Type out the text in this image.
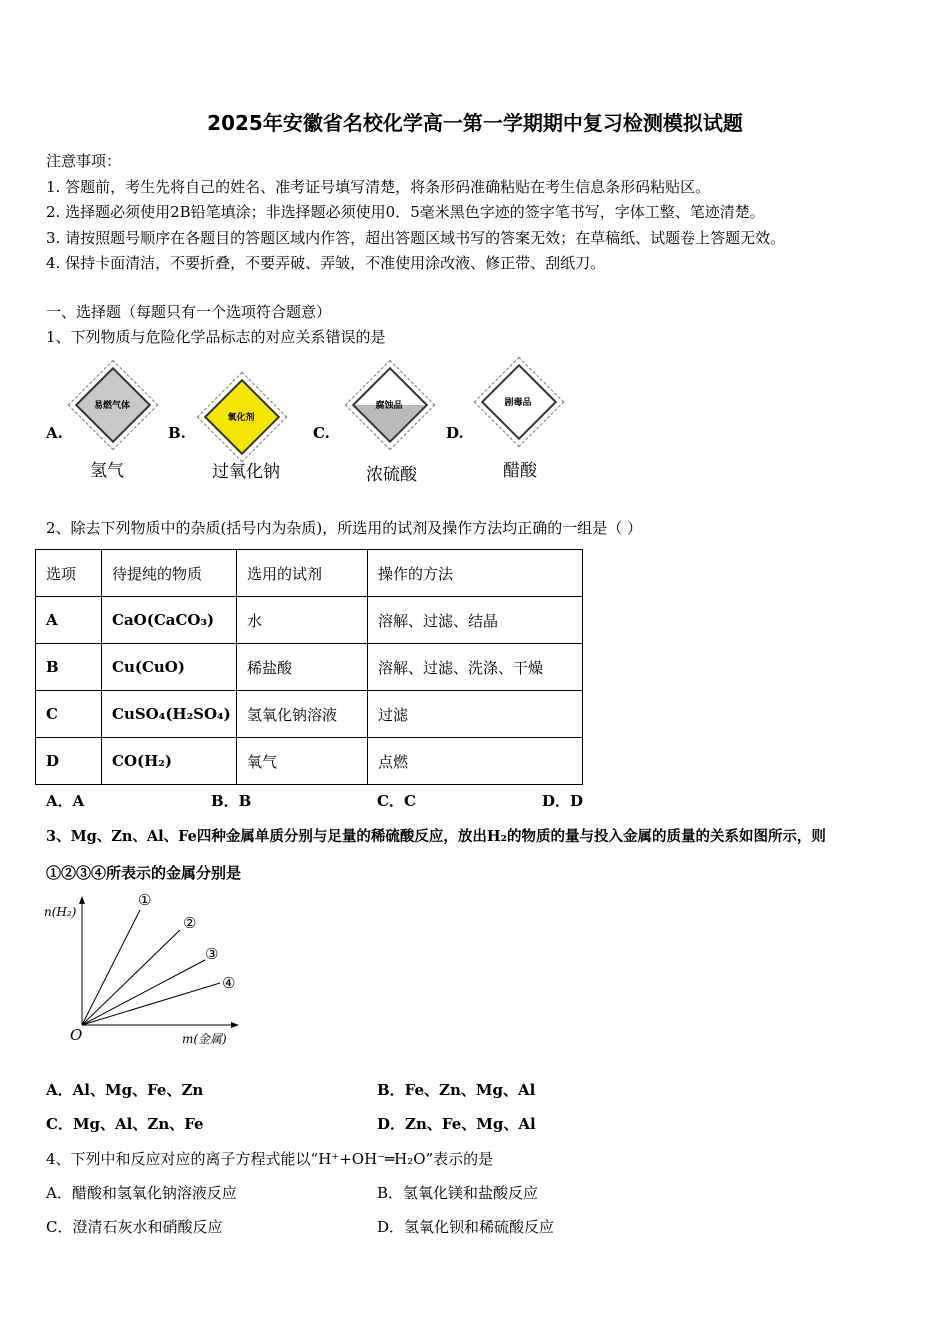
2025年安徽省名校化学高一第一学期期中复习检测模拟试题
注意事项：
1. 答题前，考生先将自己的姓名、准考证号填写清楚，将条形码准确粘贴在考生信息条形码粘贴区。
2. 选择题必须使用2B铅笔填涂；非选择题必须使用0．5毫米黑色字迹的签字笔书写，字体工整、笔迹清楚。
3. 请按照题号顺序在各题目的答题区域内作答，超出答题区域书写的答案无效；在草稿纸、试题卷上答题无效。
4. 保持卡面清洁，不要折叠，不要弄破、弄皱，不准使用涂改液、修正带、刮纸刀。
一、选择题（每题只有一个选项符合题意）
1、下列物质与危险化学品标志的对应关系错误的是
A.
易燃气体
氢气
B.
氧化剂
过氧化钠
C.
腐蚀品
浓硫酸
D.
剧毒品
醋酸
2、除去下列物质中的杂质(括号内为杂质)，所选用的试剂及操作方法均正确的一组是（ ）
选项	待提纯的物质	选用的试剂	操作的方法
A	CaO(CaCO₃)	水	溶解、过滤、结晶
B	Cu(CuO)	稀盐酸	溶解、过滤、洗涤、干燥
C	CuSO₄(H₂SO₄)	氢氧化钠溶液	过滤
D	CO(H₂)	氧气	点燃
A．A	B．B	C．C	D．D
3、Mg、Zn、Al、Fe四种金属单质分别与足量的稀硫酸反应，放出H₂的物质的量与投入金属的质量的关系如图所示，则
①②③④所表示的金属分别是
n(H₂)
m(金属)
O
①
②
③
④
A．Al、Mg、Fe、Zn	B．Fe、Zn、Mg、Al
C．Mg、Al、Zn、Fe	D．Zn、Fe、Mg、Al
4、下列中和反应对应的离子方程式能以“H⁺+OH⁻═H₂O”表示的是
A．醋酸和氢氧化钠溶液反应	B．氢氧化镁和盐酸反应
C．澄清石灰水和硝酸反应	D．氢氧化钡和稀硫酸反应
